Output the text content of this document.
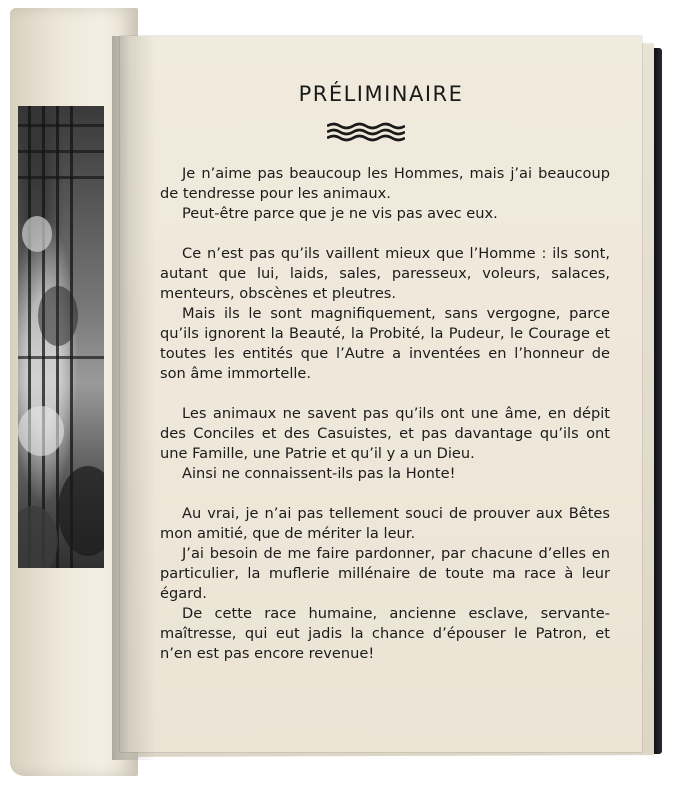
PRÉLIMINAIRE

Je n’aime pas beaucoup les Hommes, mais j’ai beaucoup de tendresse pour les animaux.

Peut-être parce que je ne vis pas avec eux.

Ce n’est pas qu’ils vaillent mieux que l’Homme : ils sont, autant que lui, laids, sales, paresseux, voleurs, salaces, menteurs, obscènes et pleutres.

Mais ils le sont magnifiquement, sans vergogne, parce qu’ils ignorent la Beauté, la Probité, la Pudeur, le Courage et toutes les entités que l’Autre a inventées en l’honneur de son âme immortelle.

Les animaux ne savent pas qu’ils ont une âme, en dépit des Conciles et des Casuistes, et pas davantage qu’ils ont une Famille, une Patrie et qu’il y a un Dieu.

Ainsi ne connaissent-ils pas la Honte!

Au vrai, je n’ai pas tellement souci de prouver aux Bêtes mon amitié, que de mériter la leur.

J’ai besoin de me faire pardonner, par chacune d’elles en particulier, la muflerie millénaire de toute ma race à leur égard.

De cette race humaine, ancienne esclave, servante-maîtresse, qui eut jadis la chance d’épouser le Patron, et n’en est pas encore revenue!
